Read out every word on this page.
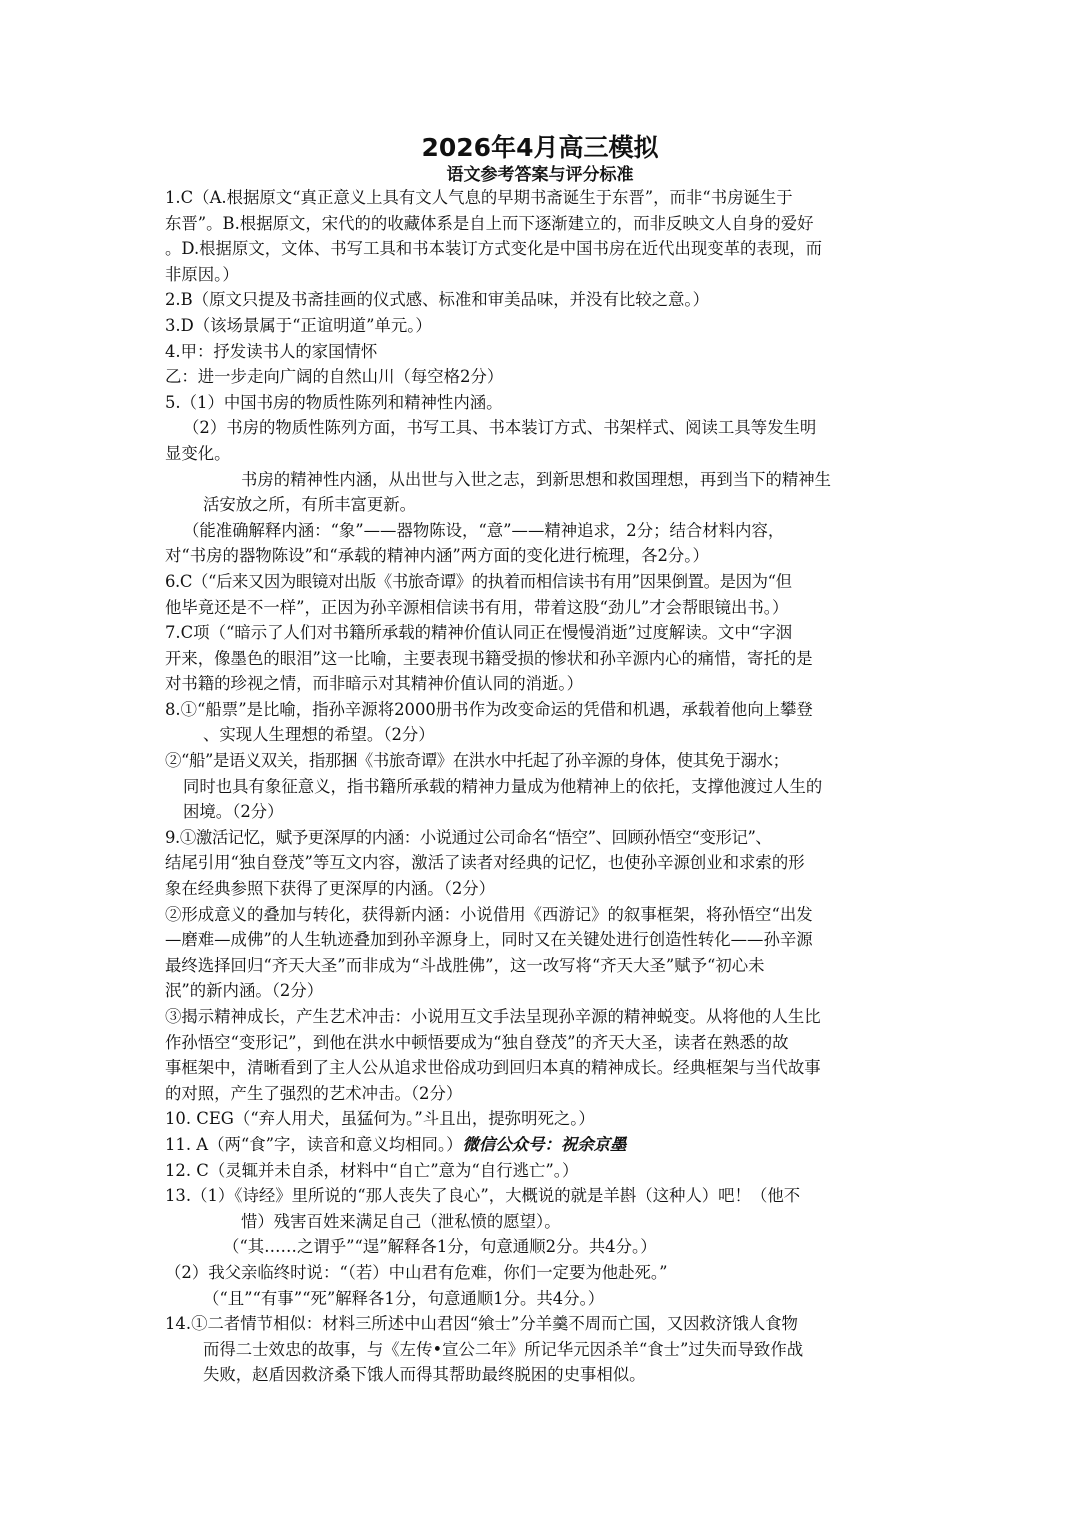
2026年4月高三模拟
语文参考答案与评分标准
1.C（A.根据原文“真正意义上具有文人气息的早期书斋诞生于东晋”，而非“书房诞生于
东晋”。B.根据原文，宋代的的收藏体系是自上而下逐渐建立的，而非反映文人自身的爱好
。D.根据原文，文体、书写工具和书本装订方式变化是中国书房在近代出现变革的表现，而
非原因。）
2.B（原文只提及书斋挂画的仪式感、标准和审美品味，并没有比较之意。）
3.D（该场景属于“正谊明道”单元。）
4.甲：抒发读书人的家国情怀
乙：进一步走向广阔的自然山川（每空格2分）
5.（1）中国书房的物质性陈列和精神性内涵。
（2）书房的物质性陈列方面，书写工具、书本装订方式、书架样式、阅读工具等发生明
显变化。
书房的精神性内涵，从出世与入世之志，到新思想和救国理想，再到当下的精神生
活安放之所，有所丰富更新。
（能准确解释内涵：“象”——器物陈设，“意”——精神追求，2分；结合材料内容，
对“书房的器物陈设”和“承载的精神内涵”两方面的变化进行梳理，各2分。）
6.C（“后来又因为眼镜对出版《书旅奇谭》的执着而相信读书有用”因果倒置。是因为“但
他毕竟还是不一样”，正因为孙辛源相信读书有用，带着这股“劲儿”才会帮眼镜出书。）
7.C项（“暗示了人们对书籍所承载的精神价值认同正在慢慢消逝”过度解读。文中“字洇
开来，像墨色的眼泪”这一比喻，主要表现书籍受损的惨状和孙辛源内心的痛惜，寄托的是
对书籍的珍视之情，而非暗示对其精神价值认同的消逝。）
8.①“船票”是比喻，指孙辛源将2000册书作为改变命运的凭借和机遇，承载着他向上攀登
、实现人生理想的希望。（2分）
②“船”是语义双关，指那捆《书旅奇谭》在洪水中托起了孙辛源的身体，使其免于溺水；
同时也具有象征意义，指书籍所承载的精神力量成为他精神上的依托，支撑他渡过人生的
困境。（2分）
9.①激活记忆，赋予更深厚的内涵：小说通过公司命名“悟空”、回顾孙悟空“变形记”、
结尾引用“独自登茂”等互文内容，激活了读者对经典的记忆，也使孙辛源创业和求索的形
象在经典参照下获得了更深厚的内涵。（2分）
②形成意义的叠加与转化，获得新内涵：小说借用《西游记》的叙事框架，将孙悟空“出发
—磨难—成佛”的人生轨迹叠加到孙辛源身上，同时又在关键处进行创造性转化——孙辛源
最终选择回归“齐天大圣”而非成为“斗战胜佛”，这一改写将“齐天大圣”赋予“初心未
泯”的新内涵。（2分）
③揭示精神成长，产生艺术冲击：小说用互文手法呈现孙辛源的精神蜕变。从将他的人生比
作孙悟空“变形记”，到他在洪水中顿悟要成为“独自登茂”的齐天大圣，读者在熟悉的故
事框架中，清晰看到了主人公从追求世俗成功到回归本真的精神成长。经典框架与当代故事
的对照，产生了强烈的艺术冲击。（2分）
10. CEG（“弃人用犬，虽猛何为。”斗且出，提弥明死之。）
11. A（两“食”字，读音和意义均相同。）微信公众号：祝余京墨
12. C（灵辄并未自杀，材料中“自亡”意为“自行逃亡”。）
13.（1）《诗经》里所说的“那人丧失了良心”，大概说的就是羊斟（这种人）吧！（他不
惜）残害百姓来满足自己（泄私愤的愿望）。
（“其……之谓乎”“逞”解释各1分，句意通顺2分。共4分。）
（2）我父亲临终时说：“（若）中山君有危难，你们一定要为他赴死。”
（“且”“有事”“死”解释各1分，句意通顺1分。共4分。）
14.①二者情节相似：材料三所述中山君因“飨士”分羊羹不周而亡国，又因救济饿人食物
而得二士效忠的故事，与《左传•宣公二年》所记华元因杀羊“食士”过失而导致作战
失败，赵盾因救济桑下饿人而得其帮助最终脱困的史事相似。
